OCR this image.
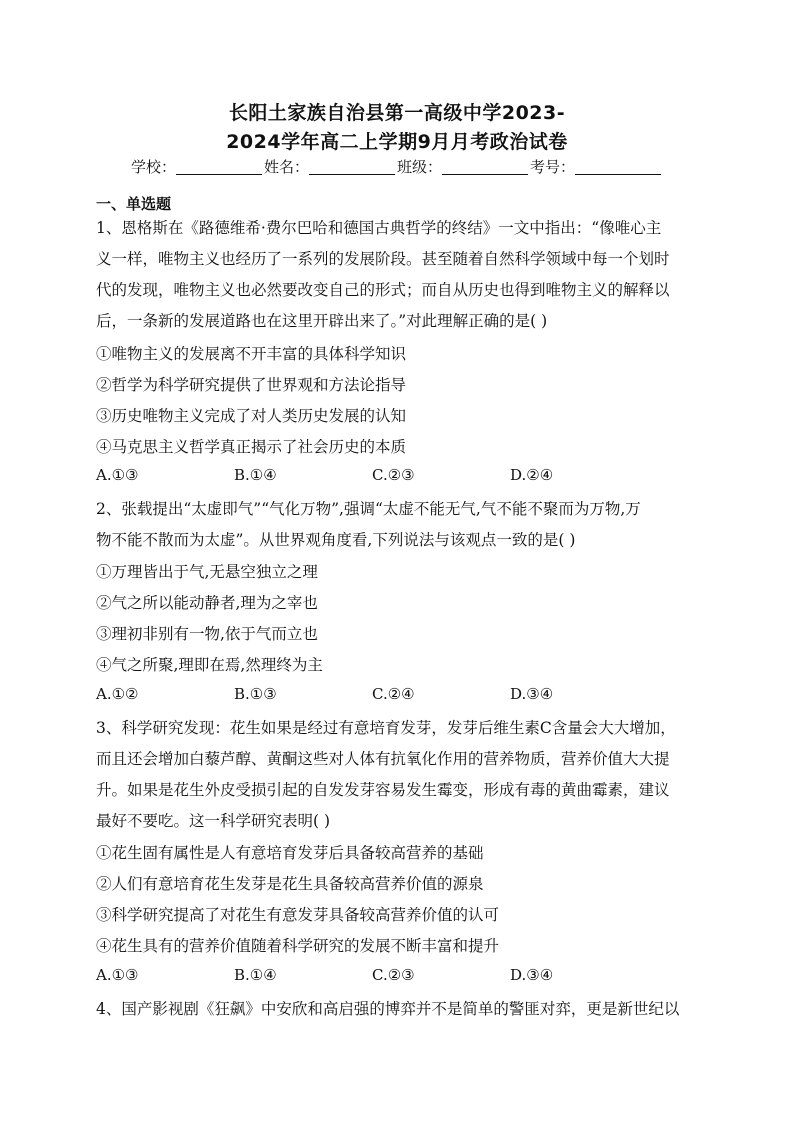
长阳土家族自治县第一高级中学2023-
2024学年高二上学期9月月考政治试卷
学校：	姓名：	班级：	考号：
一、单选题
1、恩格斯在《路德维希·费尔巴哈和德国古典哲学的终结》一文中指出：“像唯心主
义一样，唯物主义也经历了一系列的发展阶段。甚至随着自然科学领域中每一个划时
代的发现，唯物主义也必然要改变自己的形式；而自从历史也得到唯物主义的解释以
后，一条新的发展道路也在这里开辟出来了。”对此理解正确的是( )
①唯物主义的发展离不开丰富的具体科学知识
②哲学为科学研究提供了世界观和方法论指导
③历史唯物主义完成了对人类历史发展的认知
④马克思主义哲学真正揭示了社会历史的本质
A.①③	B.①④	C.②③	D.②④
2、张载提出“太虚即气”“气化万物”,强调“太虚不能无气,气不能不聚而为万物,万
物不能不散而为太虚”。从世界观角度看,下列说法与该观点一致的是( )
①万理皆出于气,无悬空独立之理
②气之所以能动静者,理为之宰也
③理初非别有一物,依于气而立也
④气之所聚,理即在焉,然理终为主
A.①②	B.①③	C.②④	D.③④
3、科学研究发现：花生如果是经过有意培育发芽，发芽后维生素C含量会大大增加，
而且还会增加白藜芦醇、黄酮这些对人体有抗氧化作用的营养物质，营养价值大大提
升。如果是花生外皮受损引起的自发发芽容易发生霉变，形成有毒的黄曲霉素，建议
最好不要吃。这一科学研究表明( )
①花生固有属性是人有意培育发芽后具备较高营养的基础
②人们有意培育花生发芽是花生具备较高营养价值的源泉
③科学研究提高了对花生有意发芽具备较高营养价值的认可
④花生具有的营养价值随着科学研究的发展不断丰富和提升
A.①③	B.①④	C.②③	D.③④
4、国产影视剧《狂飙》中安欣和高启强的博弈并不是简单的警匪对弈，更是新世纪以
